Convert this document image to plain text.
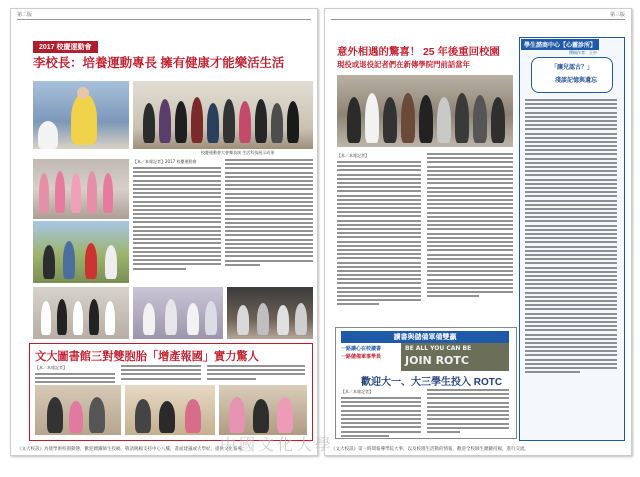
第二版
2017 校慶運動會
李校長：培養運動專長 擁有健康才能樂活生活
校慶運動會大會舞表演 生活科技展示成果
【本／本報記者】2017 校慶運動會
文大圖書館三對雙胞胎「增產報國」實力驚人
【本／本報記者】
《文大校訊》為使學術校園動態，歡迎踴躍師生投稿，敬請賜稿支持中心八樓，書面建議或大學紀，提供文化報導。
第三版
意外相遇的驚喜！ 25 年後重回校園
現役或退役記者們在新傳學院門前話當年
【本／本報記者】
讀書與儲備軍備雙贏
一路讓心在校讀書
一路儲備軍事學員
BE ALL YOU CAN BE
JOIN ROTC
歡迎大一、大三學生投入 ROTC
【本／本報記者】
學生諮商中心【心靈診所】
撰稿作者：王中
「讓兒認古？」
淺談記憶與遺忘
《文大校訊》第一時間報導學院大事，以及校園生活動的情報，歡迎全校師生踴躍投稿，進行交流。
中國文化大學
